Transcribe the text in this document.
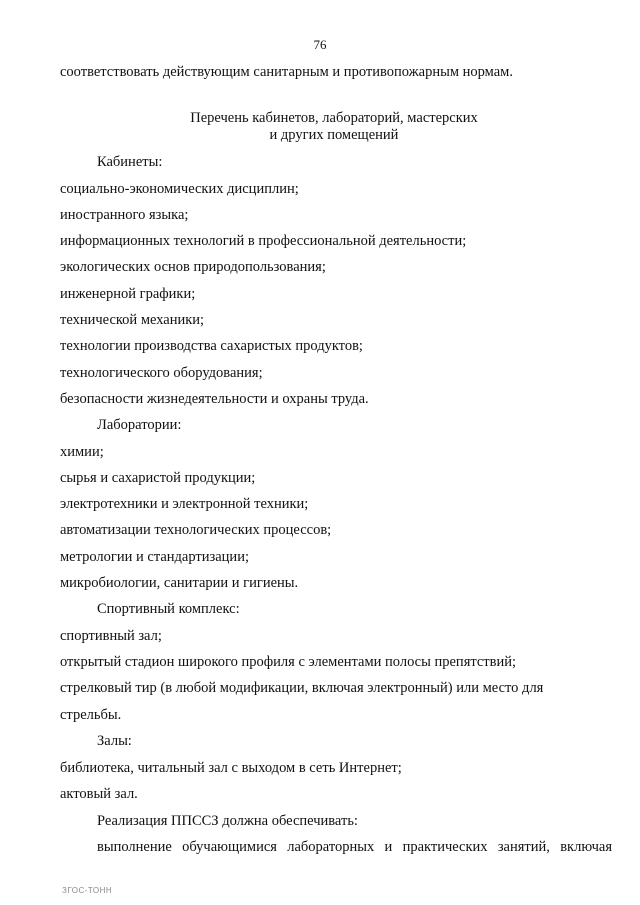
76
соответствовать действующим санитарным и противопожарным нормам.
Перечень кабинетов, лабораторий, мастерских
и других помещений
Кабинеты:
социально-экономических дисциплин;
иностранного языка;
информационных технологий в профессиональной деятельности;
экологических основ природопользования;
инженерной графики;
технической механики;
технологии производства сахаристых продуктов;
технологического оборудования;
безопасности жизнедеятельности и охраны труда.
Лаборатории:
химии;
сырья и сахаристой продукции;
электротехники и электронной техники;
автоматизации технологических процессов;
метрологии и стандартизации;
микробиологии, санитарии и гигиены.
Спортивный комплекс:
спортивный зал;
открытый стадион широкого профиля с элементами полосы препятствий;
стрелковый тир (в любой модификации, включая электронный) или место для
стрельбы.
Залы:
библиотека, читальный зал с выходом в сеть Интернет;
актовый зал.
Реализация ППССЗ должна обеспечивать:
выполнение обучающимися лабораторных и практических занятий, включая
ЗГОС-ТОНН
